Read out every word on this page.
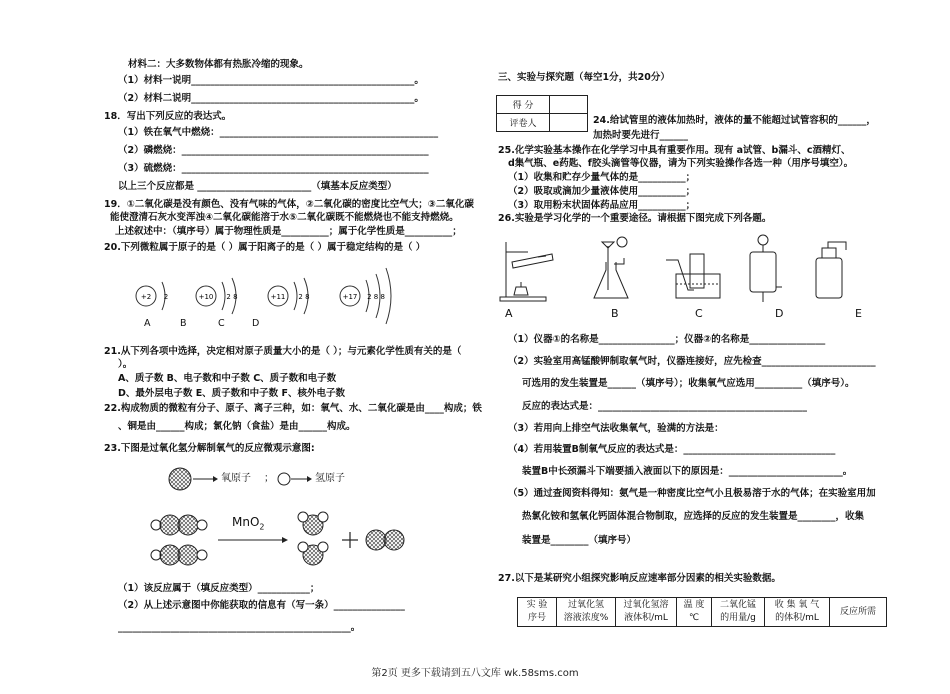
材料二：大多数物体都有热胀冷缩的现象。
（1）材料一说明_______________________________________________。
（2）材料二说明_______________________________________________。
18．写出下列反应的表达式。
（1）铁在氧气中燃烧：______________________________________________
（2）磷燃烧：____________________________________________________
（3）硫燃烧：____________________________________________________
以上三个反应都是 ________________________（填基本反应类型）
19．①二氧化碳是没有颜色、没有气味的气体，②二氧化碳的密度比空气大；③二氧化碳
能使澄清石灰水变浑浊④二氧化碳能溶于水⑤二氧化碳既不能燃烧也不能支持燃烧。
上述叙述中：（填序号）属于物理性质是__________；属于化学性质是__________；
20.下列微粒属于原子的是（ ）属于阳离子的是（ ）属于稳定结构的是（ ）
+2 2	+10 2 8	+11 2 8	+17 2 8 8
A	B	C	D
21.从下列各项中选择，决定相对原子质量大小的是（ ）；与元素化学性质有关的是（
）。
A、质子数 B、电子数和中子数 C、质子数和电子数
D、最外层电子数 E、质子数和中子数 F、核外电子数
22.构成物质的微粒有分子、原子、离子三种，如：氧气、水、二氧化碳是由____构成；铁
、铜是由______构成；氯化钠（食盐）是由______构成。
23.下图是过氧化氢分解制氧气的反应微观示意图:
氧原子 ；	氢原子
MnO$_2$
（1）该反应属于（填反应类型）___________；
（2）从上述示意图中你能获取的信息有（写一条）_______________
_________________________________________________。
三、实验与探究题（每空1分，共20分）
得 分	
评卷人		24.给试管里的液体加热时，液体的量不能超过试管容积的______，
加热时要先进行______
25.化学实验基本操作在化学学习中具有重要作用。现有 a试管、b漏斗、c酒精灯、
d集气瓶、e药匙、f胶头滴管等仪器，请为下列实验操作各选一种（用序号填空）。
（1）收集和贮存少量气体的是__________；
（2）吸取或滴加少量液体使用__________；
（3）取用粉末状固体药品应用__________；
26.实验是学习化学的一个重要途径。请根据下图完成下列各题。
A	B	C	D	E
（1）仪器①的名称是________________；仪器②的名称是________________
（2）实验室用高锰酸钾制取氧气时，仪器连接好，应先检查________________________
可选用的发生装置是______（填序号）；收集氧气应选用__________（填序号）。
反应的表达式是：____________________________________________
（3）若用向上排空气法收集氧气，验满的方法是：
（4）若用装置B制氧气反应的表达式是：________________________________
装置B中长颈漏斗下端要插入液面以下的原因是：________________________。
（5）通过查阅资料得知：氨气是一种密度比空气小且极易溶于水的气体；在实验室用加
热氯化铵和氢氧化钙固体混合物制取，应选择的反应的发生装置是________，收集
装置是________（填序号）
27.以下是某研究小组探究影响反应速率部分因素的相关实验数据。
实 验
序号

过氧化氢
溶液浓度%

过氧化氢溶
液体积/mL

温 度
℃

二氧化锰
的用量/g

收 集 氧 气
的体积/mL

反应所需
第2页 更多下载请到五八文库 wk.58sms.com
